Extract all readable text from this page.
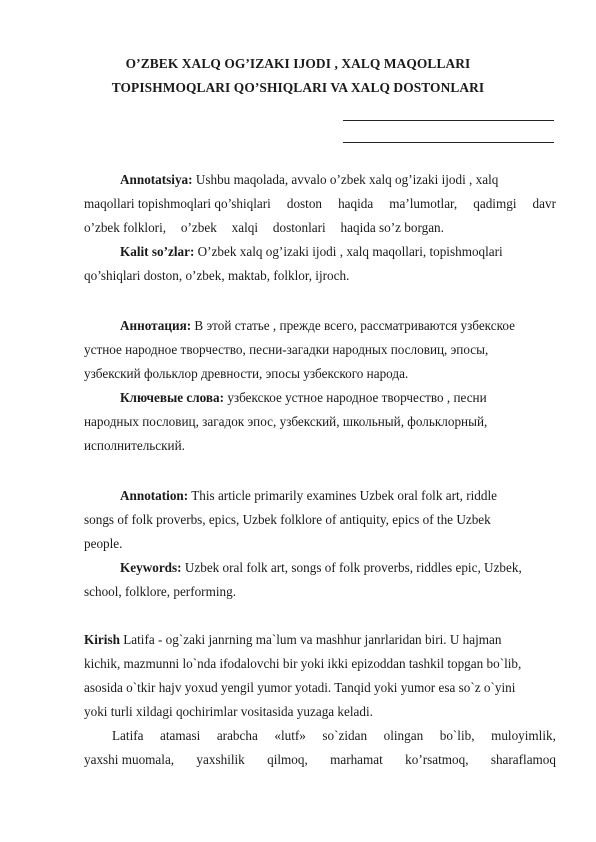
O’ZBEK XALQ OG’IZAKI IJODI , XALQ MAQOLLARI
TOPISHMOQLARI QO’SHIQLARI VA XALQ DOSTONLARI
Annotatsiya: Ushbu maqolada, avvalo o’zbek xalq og’izaki ijodi , xalq
maqollari topishmoqlari qo’shiqlari doston haqida ma’lumotlar, qadimgi davr
o’zbek folklori, o’zbek xalqi dostonlari haqida so’z borgan.
Kalit so’zlar: O’zbek xalq og’izaki ijodi , xalq maqollari, topishmoqlari
qo’shiqlari doston, o’zbek, maktab, folklor, ijroch.
Аннотация: В этой статье , прежде всего, рассматриваются узбекское
устное народное творчество, песни-загадки народных пословиц, эпосы,
узбекский фольклор древности, эпосы узбекского народа.
Ключевые слова: узбекское устное народное творчество , песни
народных пословиц, загадок эпос, узбекский, школьный, фольклорный,
исполнительский.
Annotation: This article primarily examines Uzbek oral folk art, riddle
songs of folk proverbs, epics, Uzbek folklore of antiquity, epics of the Uzbek
people.
Keywords: Uzbek oral folk art, songs of folk proverbs, riddles epic, Uzbek,
school, folklore, performing.
Kirish Latifa - og`zaki janrning ma`lum va mashhur janrlaridan biri. U hajman
kichik, mazmunni lo`nda ifodalovchi bir yoki ikki epizoddan tashkil topgan bo`lib,
asosida o`tkir hajv yoxud yengil yumor yotadi. Tanqid yoki yumor esa so`z o`yini
yoki turli xildagi qochirimlar vositasida yuzaga keladi.
Latifa atamasi arabcha «lutf» so`zidan olingan bo`lib, muloyimlik,
yaxshi muomala, yaxshilik qilmoq, marhamat ko’rsatmoq, sharaflamoq
